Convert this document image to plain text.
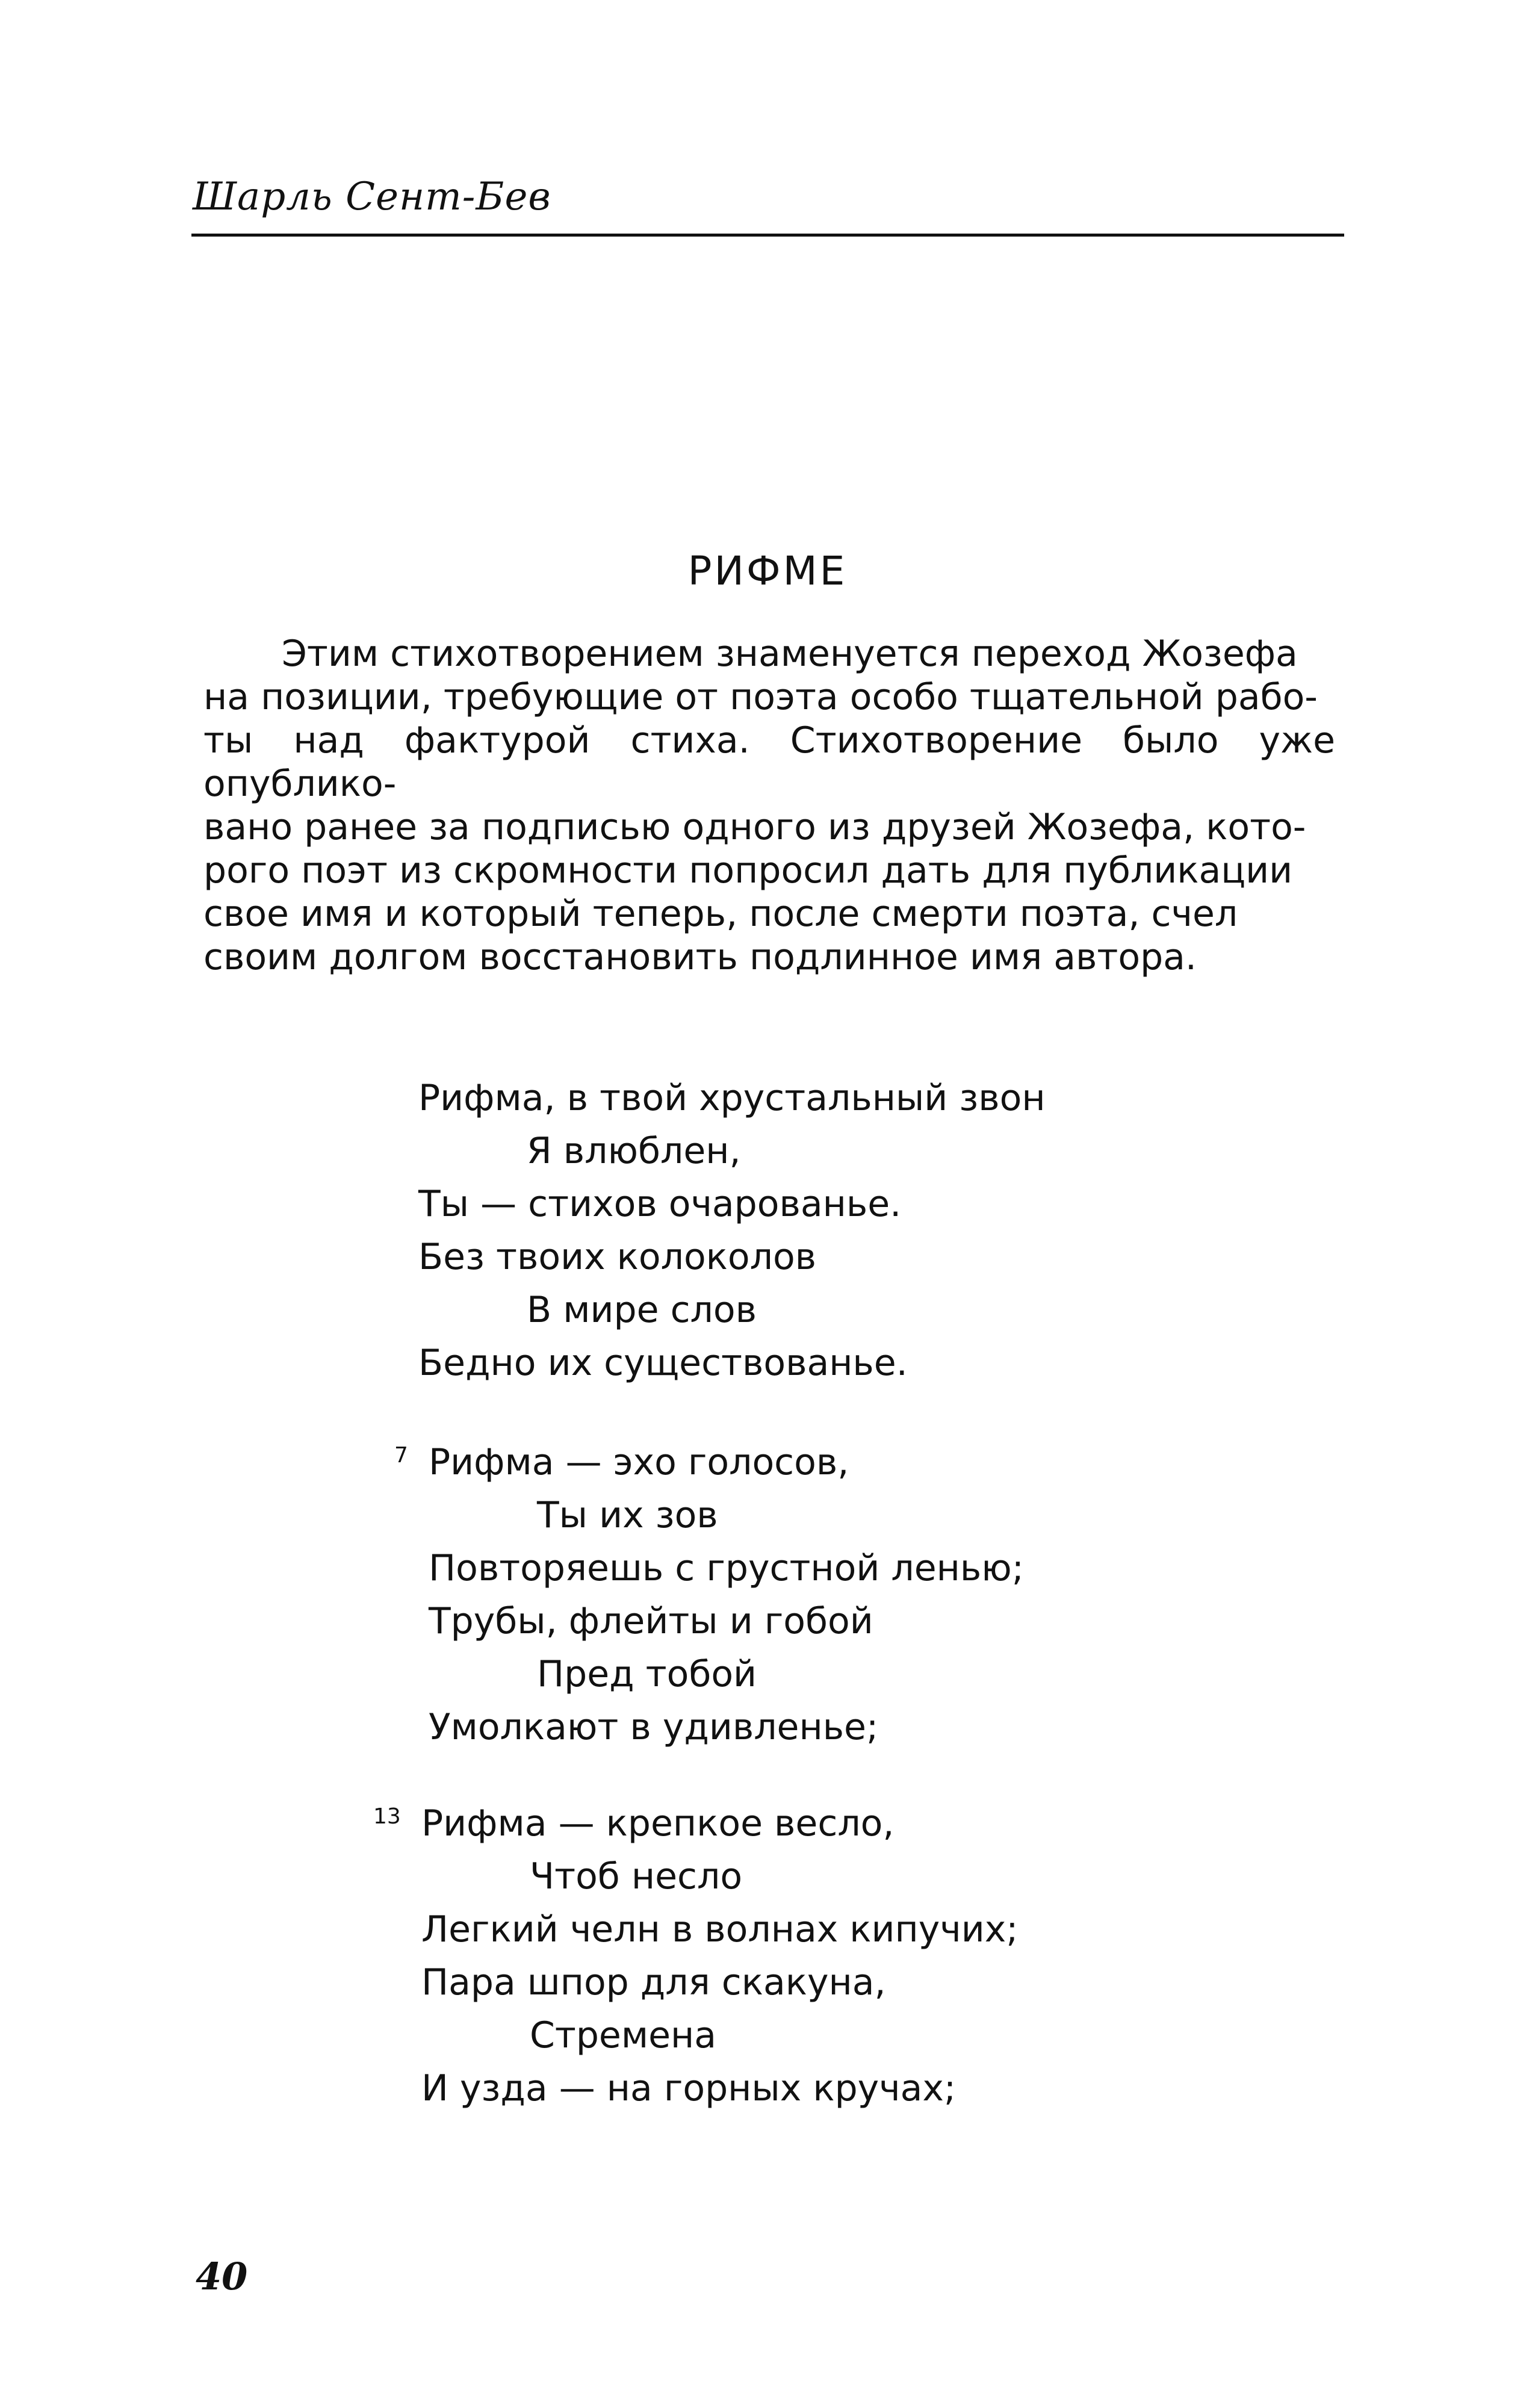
Шарль Сент-Бев
РИФМЕ

Этим стихотворением знаменуется переход Жозефа
на позиции, требующие от поэта особо тщательной рабо-
ты над фактурой стиха. Стихотворение было уже опублико-
вано ранее за подписью одного из друзей Жозефа, кото-
рого поэт из скромности попросил дать для публикации
свое имя и который теперь, после смерти поэта, счел
своим долгом восстановить подлинное имя автора.

Рифма, в твой хрустальный звон
Я влюблен,
Ты — стихов очарованье.
Без твоих колоколов
В мире слов
Бедно их существованье.
7 Рифма — эхо голосов,
Ты их зов
Повторяешь с грустной ленью;
Трубы, флейты и гобой
Пред тобой
Умолкают в удивленье;
13 Рифма — крепкое весло,
Чтоб несло
Легкий челн в волнах кипучих;
Пара шпор для скакуна,
Стремена
И узда — на горных кручах;
40
